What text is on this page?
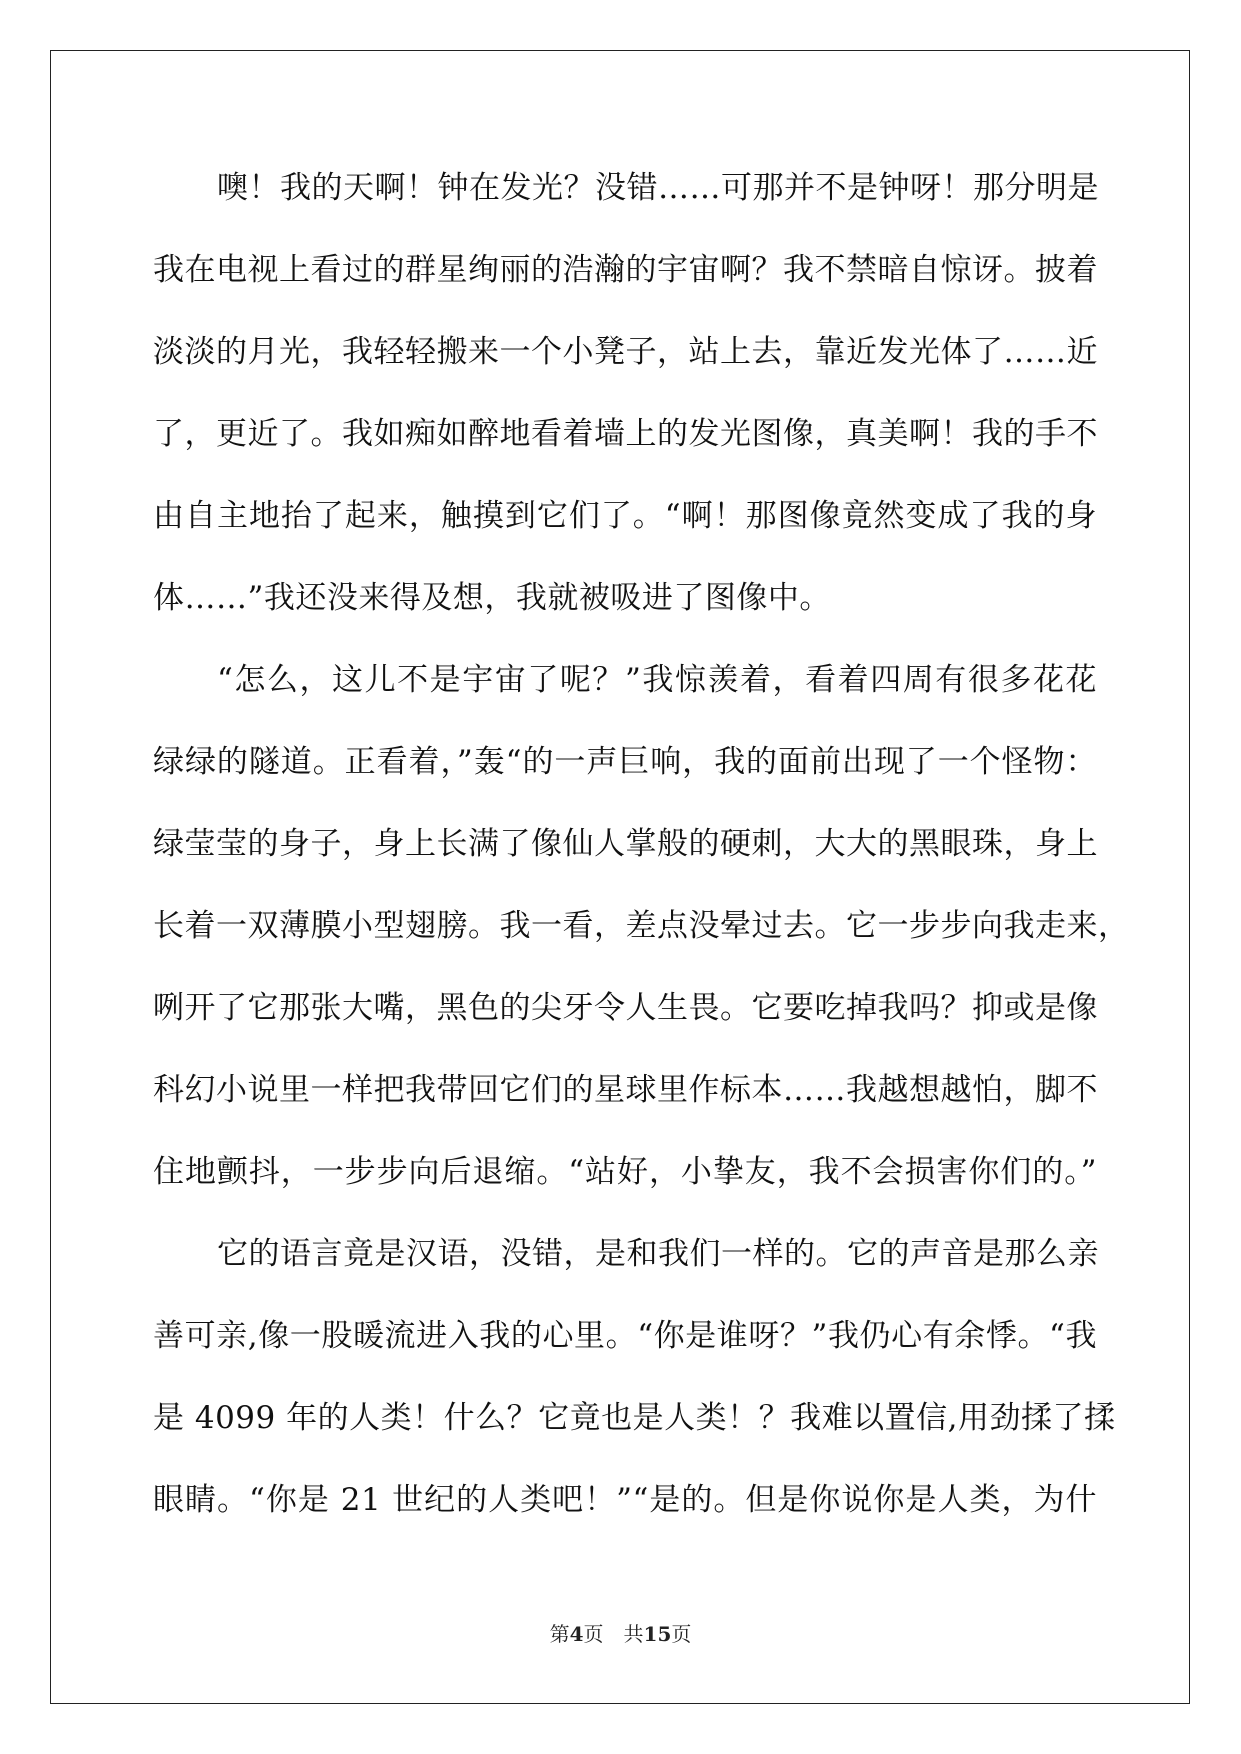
噢！我的天啊！钟在发光？没错……可那并不是钟呀！那分明是
我在电视上看过的群星绚丽的浩瀚的宇宙啊？我不禁暗自惊讶。披着
淡淡的月光，我轻轻搬来一个小凳子，站上去，靠近发光体了……近
了，更近了。我如痴如醉地看着墙上的发光图像，真美啊！我的手不
由自主地抬了起来，触摸到它们了。“啊！那图像竟然变成了我的身
体……”我还没来得及想，我就被吸进了图像中。
“怎么，这儿不是宇宙了呢？”我惊羡着，看着四周有很多花花
绿绿的隧道。正看着，”轰“的一声巨响，我的面前出现了一个怪物：
绿莹莹的身子，身上长满了像仙人掌般的硬刺，大大的黑眼珠，身上
长着一双薄膜小型翅膀。我一看，差点没晕过去。它一步步向我走来，
咧开了它那张大嘴，黑色的尖牙令人生畏。它要吃掉我吗？抑或是像
科幻小说里一样把我带回它们的星球里作标本……我越想越怕，脚不
住地颤抖，一步步向后退缩。“站好，小挚友，我不会损害你们的。”
它的语言竟是汉语，没错，是和我们一样的。它的声音是那么亲
善可亲,像一股暖流进入我的心里。“你是谁呀？”我仍心有余悸。“我
是 4099 年的人类！什么？它竟也是人类！？我难以置信,用劲揉了揉
眼睛。“你是 21 世纪的人类吧！”“是的。但是你说你是人类，为什
第4页　共15页
